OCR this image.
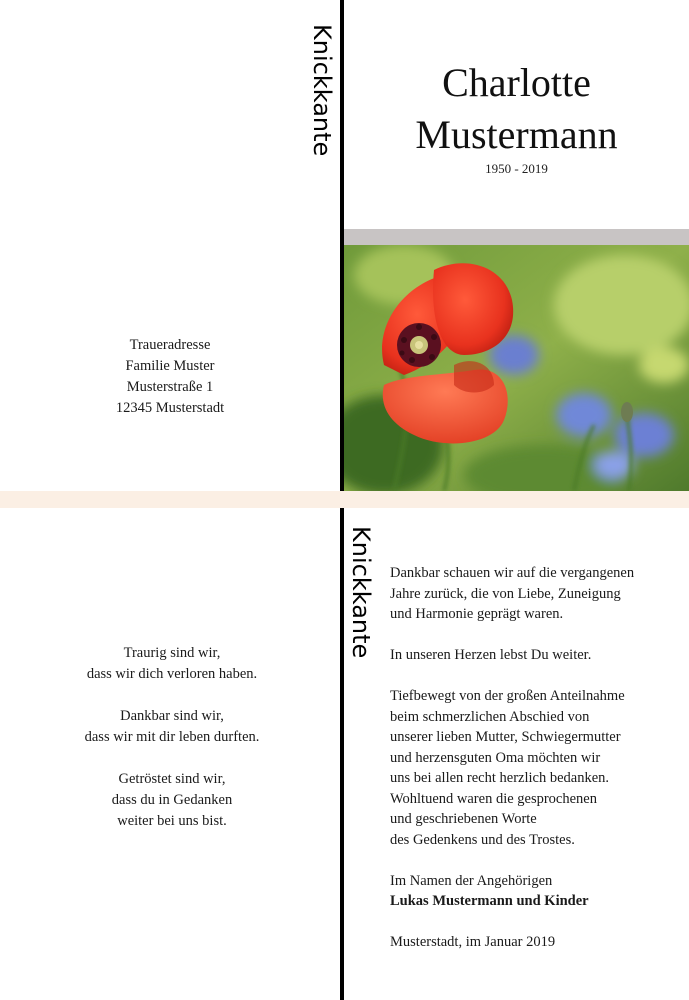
Knickkante
Knickkante
Charlotte
Mustermann
1950 - 2019
Traueradresse
Familie Muster
Musterstraße 1
12345 Musterstadt

Traurig sind wir,
dass wir dich verloren haben.

Dankbar sind wir,
dass wir mit dir leben durften.

Getröstet sind wir,
dass du in Gedanken
weiter bei uns bist.

Dankbar schauen wir auf die vergangenen
Jahre zurück, die von Liebe, Zuneigung
und Harmonie geprägt waren.

In unseren Herzen lebst Du weiter.

Tiefbewegt von der großen Anteilnahme
beim schmerzlichen Abschied von
unserer lieben Mutter, Schwiegermutter
und herzensguten Oma möchten wir
uns bei allen recht herzlich bedanken.
Wohltuend waren die gesprochenen
und geschriebenen Worte
des Gedenkens und des Trostes.

Im Namen der Angehörigen
Lukas Mustermann und Kinder

Musterstadt, im Januar 2019
